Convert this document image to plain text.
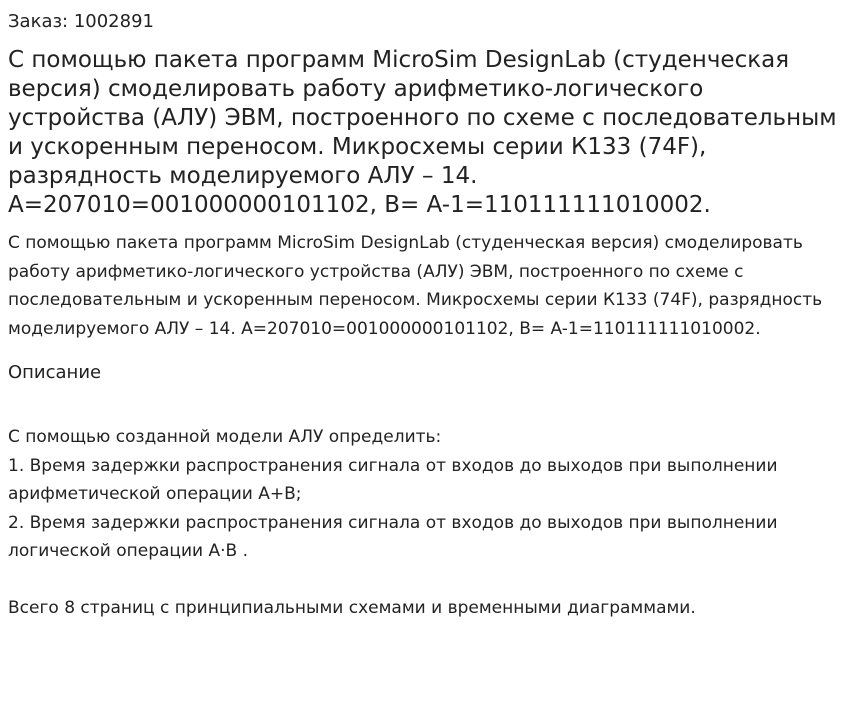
Заказ: 1002891

С помощью пакета программ MicroSim DesignLab (студенческая версия) смоделировать работу арифметико-логического устройства (АЛУ) ЭВМ, построенного по схеме с последовательным и ускоренным переносом. Микросхемы серии К133 (74F), разрядность моделируемого АЛУ – 14. A=207010=001000000101102, B= A-1=110111111010002.

С помощью пакета программ MicroSim DesignLab (студенческая версия) смоделировать работу арифметико-логического устройства (АЛУ) ЭВМ, построенного по схеме с последовательным и ускоренным переносом. Микросхемы серии К133 (74F), разрядность моделируемого АЛУ – 14. A=207010=001000000101102, B= A-1=110111111010002.

Описание

С помощью созданной модели АЛУ определить:

1. Время задержки распространения сигнала от входов до выходов при выполнении арифметической операции A+B;
2. Время задержки распространения сигнала от входов до выходов при выполнении логической операции A·B .

Всего 8 страниц с принципиальными схемами и временными диаграммами.
